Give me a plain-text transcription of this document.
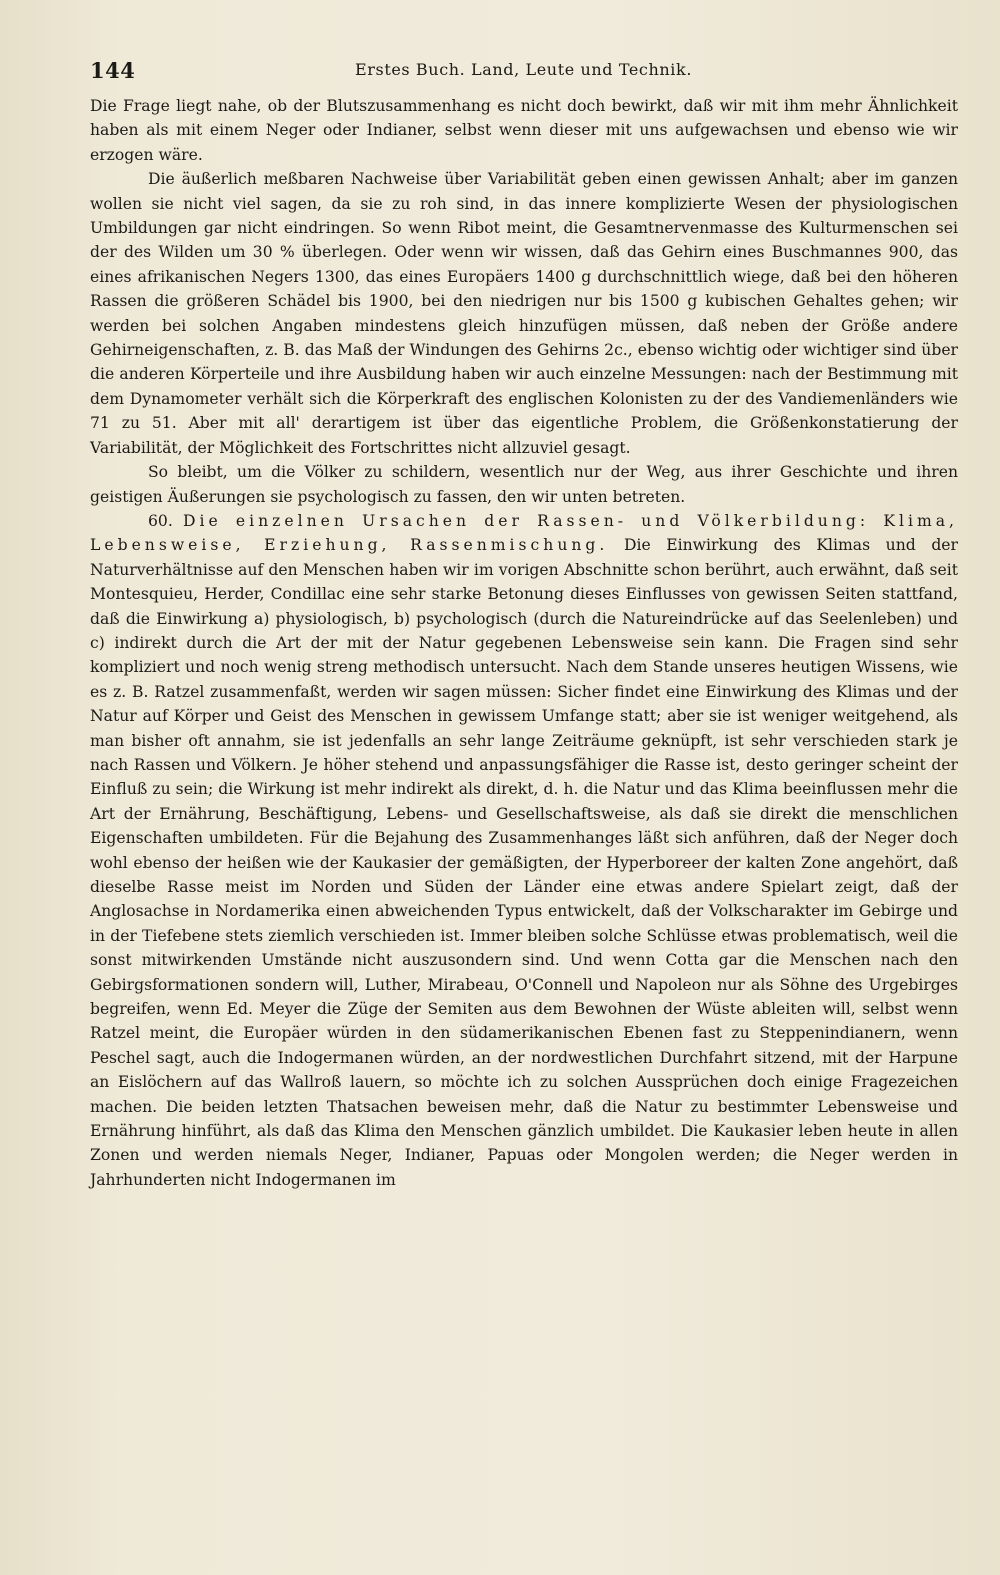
144	Erstes Buch. Land, Leute und Technik.

Die Frage liegt nahe, ob der Blutszusammenhang es nicht doch bewirkt, daß wir mit ihm mehr Ähnlichkeit haben als mit einem Neger oder Indianer, selbst wenn dieser mit uns aufgewachsen und ebenso wie wir erzogen wäre.

Die äußerlich meßbaren Nachweise über Variabilität geben einen gewissen Anhalt; aber im ganzen wollen sie nicht viel sagen, da sie zu roh sind, in das innere komplizierte Wesen der physiologischen Umbildungen gar nicht eindringen. So wenn Ribot meint, die Gesamtnervenmasse des Kulturmenschen sei der des Wilden um 30 % überlegen. Oder wenn wir wissen, daß das Gehirn eines Buschmannes 900, das eines afrikanischen Negers 1300, das eines Europäers 1400 g durchschnittlich wiege, daß bei den höheren Rassen die größeren Schädel bis 1900, bei den niedrigen nur bis 1500 g kubischen Gehaltes gehen; wir werden bei solchen Angaben mindestens gleich hinzufügen müssen, daß neben der Größe andere Gehirneigenschaften, z. B. das Maß der Windungen des Gehirns 2c., ebenso wichtig oder wichtiger sind über die anderen Körperteile und ihre Ausbildung haben wir auch einzelne Messungen: nach der Bestimmung mit dem Dynamometer verhält sich die Körperkraft des englischen Kolonisten zu der des Vandiemenländers wie 71 zu 51. Aber mit all' derartigem ist über das eigentliche Problem, die Größenkonstatierung der Variabilität, der Möglichkeit des Fortschrittes nicht allzuviel gesagt.

So bleibt, um die Völker zu schildern, wesentlich nur der Weg, aus ihrer Geschichte und ihren geistigen Äußerungen sie psychologisch zu fassen, den wir unten betreten.

60. Die einzelnen Ursachen der Rassen- und Völkerbildung: Klima, Lebensweise, Erziehung, Rassenmischung. Die Einwirkung des Klimas und der Naturverhältnisse auf den Menschen haben wir im vorigen Abschnitte schon berührt, auch erwähnt, daß seit Montesquieu, Herder, Condillac eine sehr starke Betonung dieses Einflusses von gewissen Seiten stattfand, daß die Einwirkung a) physiologisch, b) psychologisch (durch die Natureindrücke auf das Seelenleben) und c) indirekt durch die Art der mit der Natur gegebenen Lebensweise sein kann. Die Fragen sind sehr kompliziert und noch wenig streng methodisch untersucht. Nach dem Stande unseres heutigen Wissens, wie es z. B. Ratzel zusammenfaßt, werden wir sagen müssen: Sicher findet eine Einwirkung des Klimas und der Natur auf Körper und Geist des Menschen in gewissem Umfange statt; aber sie ist weniger weitgehend, als man bisher oft annahm, sie ist jedenfalls an sehr lange Zeiträume geknüpft, ist sehr verschieden stark je nach Rassen und Völkern. Je höher stehend und anpassungsfähiger die Rasse ist, desto geringer scheint der Einfluß zu sein; die Wirkung ist mehr indirekt als direkt, d. h. die Natur und das Klima beeinflussen mehr die Art der Ernährung, Beschäftigung, Lebens- und Gesellschaftsweise, als daß sie direkt die menschlichen Eigenschaften umbildeten. Für die Bejahung des Zusammenhanges läßt sich anführen, daß der Neger doch wohl ebenso der heißen wie der Kaukasier der gemäßigten, der Hyperboreer der kalten Zone angehört, daß dieselbe Rasse meist im Norden und Süden der Länder eine etwas andere Spielart zeigt, daß der Anglosachse in Nordamerika einen abweichenden Typus entwickelt, daß der Volkscharakter im Gebirge und in der Tiefebene stets ziemlich verschieden ist. Immer bleiben solche Schlüsse etwas problematisch, weil die sonst mitwirkenden Umstände nicht auszusondern sind. Und wenn Cotta gar die Menschen nach den Gebirgsformationen sondern will, Luther, Mirabeau, O'Connell und Napoleon nur als Söhne des Urgebirges begreifen, wenn Ed. Meyer die Züge der Semiten aus dem Bewohnen der Wüste ableiten will, selbst wenn Ratzel meint, die Europäer würden in den südamerikanischen Ebenen fast zu Steppenindianern, wenn Peschel sagt, auch die Indogermanen würden, an der nordwestlichen Durchfahrt sitzend, mit der Harpune an Eislöchern auf das Wallroß lauern, so möchte ich zu solchen Aussprüchen doch einige Fragezeichen machen. Die beiden letzten Thatsachen beweisen mehr, daß die Natur zu bestimmter Lebensweise und Ernährung hinführt, als daß das Klima den Menschen gänzlich umbildet. Die Kaukasier leben heute in allen Zonen und werden niemals Neger, Indianer, Papuas oder Mongolen werden; die Neger werden in Jahrhunderten nicht Indogermanen im
